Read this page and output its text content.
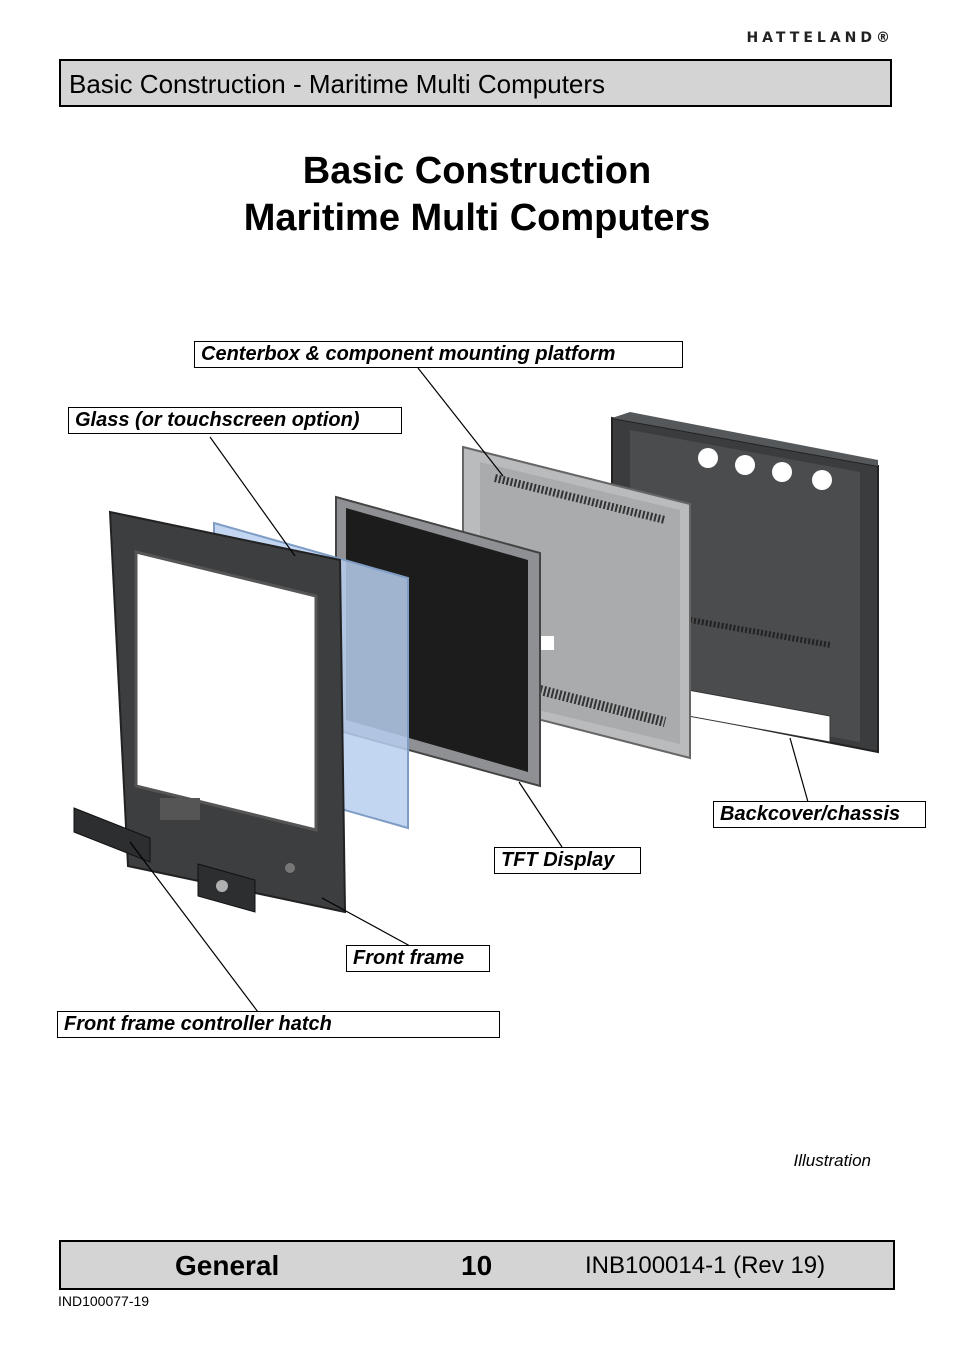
HATTELAND®
Basic Construction - Maritime Multi Computers
Basic Construction
Maritime Multi Computers
Centerbox & component mounting platform
Glass (or touchscreen option)
Backcover/chassis
TFT Display
Front frame
Front frame controller hatch
Illustration
General	10	INB100014-1 (Rev 19)
IND100077-19
